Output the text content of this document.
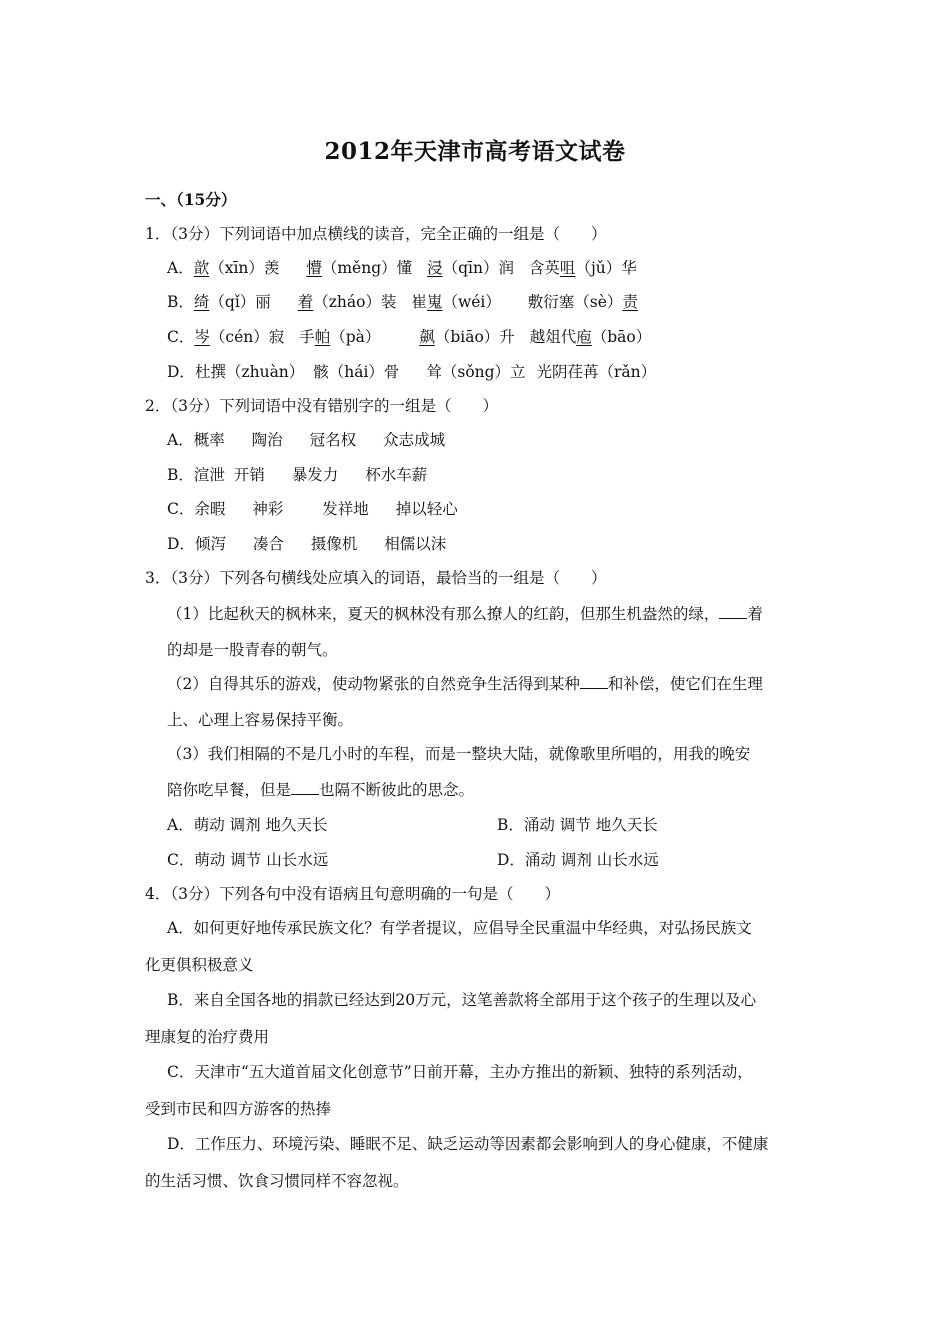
2012年天津市高考语文试卷
一、（15分）
1．（3分）下列词语中加点横线的读音，完全正确的一组是（　　）
A．歆（xīn）羡 懵（měng）懂 浸（qīn）润 含英咀（jǔ）华
B．绮（qǐ）丽 着（zháo）装 崔嵬（wéi） 敷衍塞（sè）责
C．岑（cén）寂 手帕（pà）	飙（biāo）升 越俎代庖（bāo）
D．杜撰（zhuàn） 骸（hái）骨 耸（sǒng）立 光阴荏苒（rǎn）
2．（3分）下列词语中没有错别字的一组是（　　）
A．概率 陶治 冠名权 众志成城
B．渲泄 开销 暴发力 杯水车薪
C．余暇 神彩	发祥地 掉以轻心
D．倾泻 凑合 摄像机 相儒以沫
3．（3分）下列各句横线处应填入的词语，最恰当的一组是（　　）
（1）比起秋天的枫林来，夏天的枫林没有那么撩人的红韵，但那生机盎然的绿， 着
的却是一股青春的朝气。
（2）自得其乐的游戏，使动物紧张的自然竞争生活得到某种 和补偿，使它们在生理
上、心理上容易保持平衡。
（3）我们相隔的不是几小时的车程，而是一整块大陆，就像歌里所唱的，用我的晚安
陪你吃早餐，但是 也隔不断彼此的思念。
A．萌动 调剂 地久天长	B．涌动 调节 地久天长
C．萌动 调节 山长水远	D．涌动 调剂 山长水远
4．（3分）下列各句中没有语病且句意明确的一句是（　　）
A．如何更好地传承民族文化？有学者提议，应倡导全民重温中华经典，对弘扬民族文
化更俱积极意义
B．来自全国各地的捐款已经达到20万元，这笔善款将全部用于这个孩子的生理以及心
理康复的治疗费用
C．天津市“五大道首届文化创意节”日前开幕，主办方推出的新颖、独特的系列活动，
受到市民和四方游客的热捧
D．工作压力、环境污染、睡眠不足、缺乏运动等因素都会影响到人的身心健康，不健康
的生活习惯、饮食习惯同样不容忽视。
